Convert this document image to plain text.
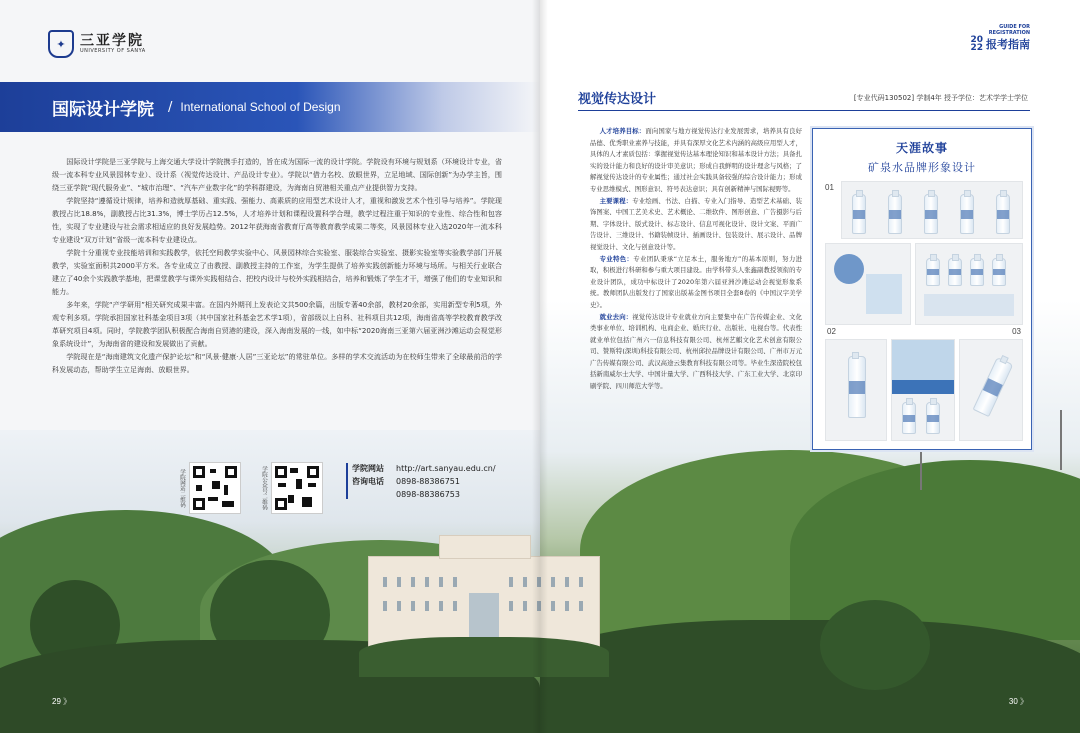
✦	三亚学院
UNIVERSITY OF SANYA
国际设计学院 / International School of Design

国际设计学院是三亚学院与上海交通大学设计学院携手打造的，旨在成为国际一流的设计学院。学院设有环境与规划系（环境设计专业，省级一流本科专业风景园林专业）、设计系（视觉传达设计、产品设计专业）。学院以“借力名校、放眼世界，立足地域、国际创新”为办学主旨，围绕三亚学院“现代服务业”、“城市治理”、“汽车产业数字化”的学科群建设，为海南自贸港相关重点产业提供智力支持。

学院坚持“遵循设计规律，培养和造就厚基础、重实践、强能力、高素质的应用型艺术设计人才，重视和激发艺术个性引导与培养”。学院现教授占比18.8%，副教授占比31.3%，博士学历占12.5%，人才培养计划和课程设置科学合理，教学过程注重于知识的专业性、综合性和包容性，实现了专业建设与社会需求相适应的良好发展趋势。2012年获海南省教育厅高等教育教学成果二等奖，风景园林专业入选2020年一流本科专业建设“双万计划”省级一流本科专业建设点。

学院十分重视专业技能培训和实践教学，依托空间教学实验中心、风景园林综合实验室、服装综合实验室、摄影实验室等实验教学部门开展教学，实验室面积共2000平方米。各专业成立了由教授、副教授主持的工作室，为学生提供了培养实践创新能力环境与场所。与相关行业联合建立了40余个实践教学基地，把课堂教学与课外实践相结合、把校内设计与校外实践相结合，培养和锻炼了学生才干，增强了他们的专业知识和能力。

多年来，学院“产学研用”相关研究成果丰富。在国内外期刊上发表论文共500余篇，出版专著40余部，教材20余部，实用新型专利5项，外观专利多项。学院承担国家社科基金项目3项（其中国家社科基金艺术学1项），省部级以上自科、社科项目共12项，海南省高等学校教育教学改革研究项目4项。同时，学院教学团队积极配合海南自贸港的建设，深入海南发展的一线，如中标“2020海南三亚第六届亚洲沙滩运动会视觉形象系统设计”，为海南省的建设和发展做出了贡献。

学院现在是“海南建筑文化遗产保护论坛”和“风景·健康·人居”三亚论坛”的常驻单位。多样的学术交流活动为在校师生带来了全球最前沿的学科发展动态，帮助学生立足海南、放眼世界。

学院网站二维码	学院公众号二维码	学院网站 http://art.sanyau.edu.cn/
咨询电话 0898-88386751
0898-88386753
29 》
GUIDE FOR
REGISTRATION
20
22 报考指南
视觉传达设计	[专业代码130502] 学制4年 授予学位：艺术学学士学位

人才培养目标：面向国家与地方视觉传达行业发展需求，培养具有良好品德、优秀职业素养与技能，并具有深厚文化艺术内涵的高级应用型人才，具体的人才素质包括：掌握视觉传达基本理论知识和基本设计方法；具备扎实的设计能力和良好的设计审美意识；形成自我鲜明的设计理念与风格；了解视觉传达设计的专业属性；通过社会实践具备较强的综合设计能力；形成专业思维模式、图形意识、符号表达意识；具有创新精神与国际视野等。

主要课程：专业绘画、书法、白描、专业入门指导、造型艺术基础、装饰图案、中国工艺美术史、艺术概论、二维软件、图形创意、广告摄影与后期、字体设计、版式设计、标志设计、信息可视化设计、设计文案、平面广告设计、三维设计、书籍装帧设计、插画设计、包装设计、展示设计、品牌视觉设计、文化与创意设计等。

专业特色：专业团队秉承“立足本土，服务地方”的基本原则，努力进取，积极进行科研和参与重大项目建设。由学科带头人张鑫副教授领衔的专业设计团队，成功中标设计了2020年第六届亚洲沙滩运动会视觉形象系统。教师团队出版发行了国家出版基金图书项目全套8卷的《中国汉字美学史》。

就业去向：视觉传达设计专业就业方向主要集中在广告传媒企业、文化类事业单位、培训机构、电商企业、婚庆行业、出版社、电视台等。代表性就业单位包括广州六一信息科技有限公司、杭州艺麒文化艺术创意有限公司、赞斯特(深圳)科技有限公司、杭州邱拉品牌设计有限公司、广州市万元广告传媒有限公司、武汉高途云集教育科技有限公司等。毕业生深造院校包括新南威尔士大学、中国计量大学、广西科技大学、广东工业大学、北京印刷学院、四川师范大学等。

天涯故事
矿泉水品牌形象设计
01
02	03
30 》
